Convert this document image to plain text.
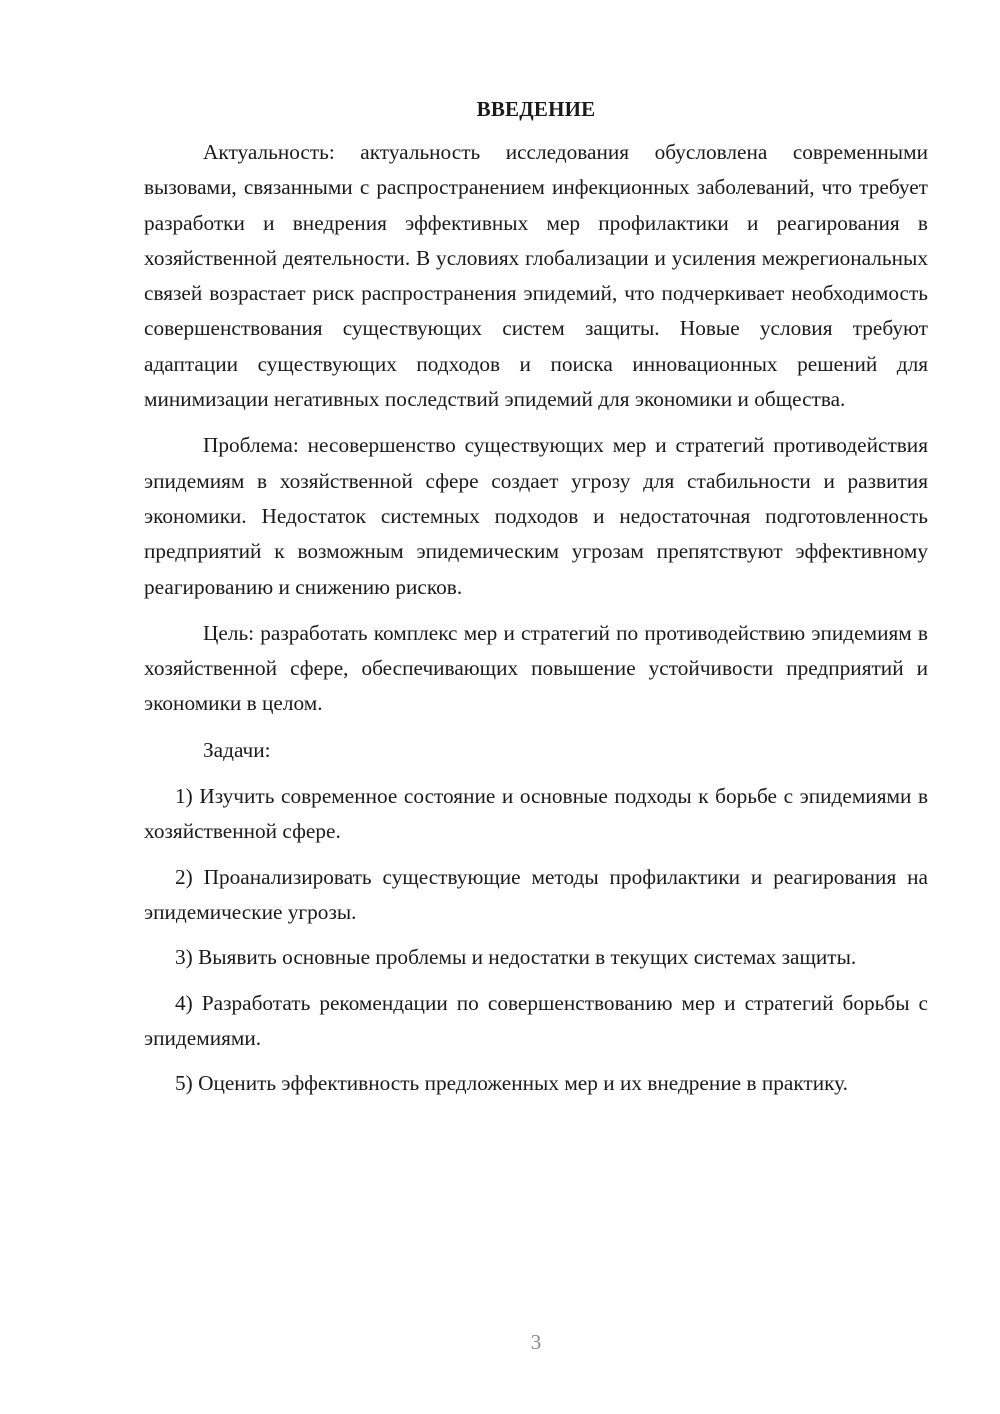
ВВЕДЕНИЕ

Актуальность: актуальность исследования обусловлена современными вызовами, связанными с распространением инфекционных заболеваний, что требует разработки и внедрения эффективных мер профилактики и реагирования в хозяйственной деятельности. В условиях глобализации и усиления межрегиональных связей возрастает риск распространения эпидемий, что подчеркивает необходимость совершенствования существующих систем защиты. Новые условия требуют адаптации существующих подходов и поиска инновационных решений для минимизации негативных последствий эпидемий для экономики и общества.

Проблема: несовершенство существующих мер и стратегий противодействия эпидемиям в хозяйственной сфере создает угрозу для стабильности и развития экономики. Недостаток системных подходов и недостаточная подготовленность предприятий к возможным эпидемическим угрозам препятствуют эффективному реагированию и снижению рисков.

Цель: разработать комплекс мер и стратегий по противодействию эпидемиям в хозяйственной сфере, обеспечивающих повышение устойчивости предприятий и экономики в целом.

Задачи:

1) Изучить современное состояние и основные подходы к борьбе с эпидемиями в хозяйственной сфере.

2) Проанализировать существующие методы профилактики и реагирования на эпидемические угрозы.

3) Выявить основные проблемы и недостатки в текущих системах защиты.

4) Разработать рекомендации по совершенствованию мер и стратегий борьбы с эпидемиями.

5) Оценить эффективность предложенных мер и их внедрение в практику.

3
